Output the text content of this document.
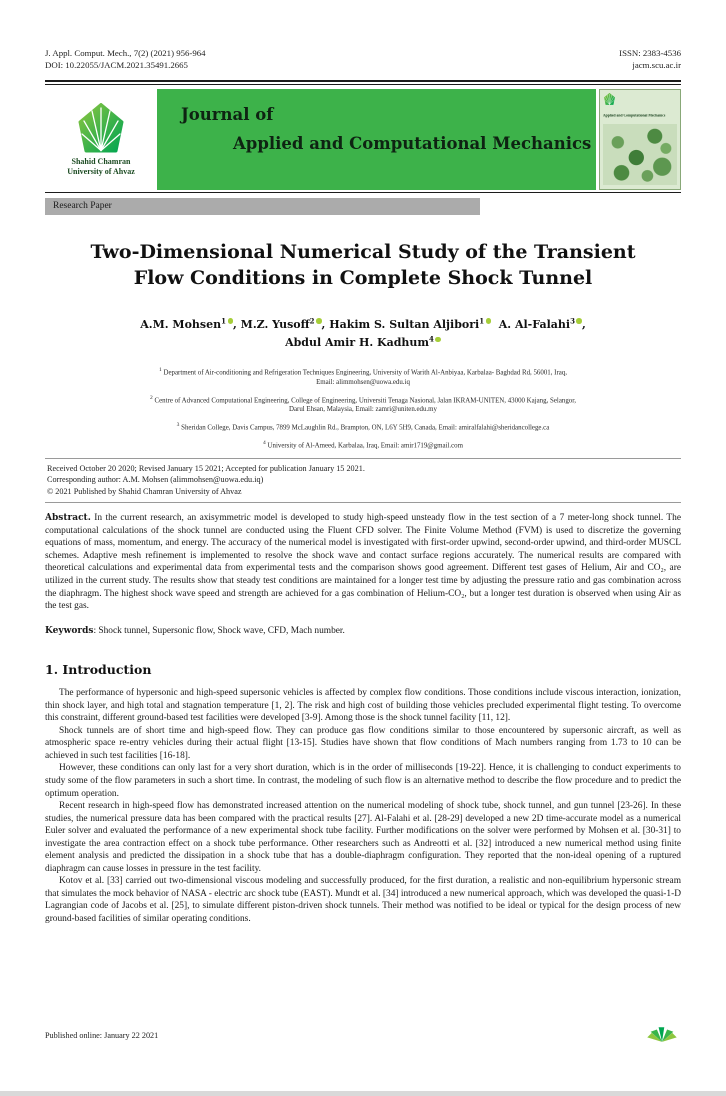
J. Appl. Comput. Mech., 7(2) (2021) 956-964
DOI: 10.22055/JACM.2021.35491.2665
ISSN: 2383-4536
jacm.scu.ac.ir
Shahid Chamran
University of Ahvaz
Journal of
Applied and Computational Mechanics
Applied and Computational Mechanics
Research Paper
Two-Dimensional Numerical Study of the Transient Flow Conditions in Complete Shock Tunnel
A.M. Mohsen$^1$ , M.Z. Yusoff$^2$ , Hakim S. Sultan Aljibori$^1$ A. Al-Falahi$^3$ ,
Abdul Amir H. Kadhum$^4$
$^1$ Department of Air-conditioning and Refrigeration Techniques Engineering, University of Warith Al-Anbiyaa, Karbalaa- Baghdad Rd, 56001, Iraq, Email: alimmohsen@uowa.edu.iq
$^2$ Centre of Advanced Computational Engineering, College of Engineering, Universiti Tenaga Nasional, Jalan IKRAM-UNITEN, 43000 Kajang, Selangor, Darul Ehsan, Malaysia, Email: zamri@uniten.edu.my
$^3$ Sheridan College, Davis Campus, 7899 McLaughlin Rd., Brampton, ON, L6Y 5H9, Canada, Email: amiralfalahi@sheridancollege.ca
$^4$ University of Al-Ameed, Karbalaa, Iraq, Email: amir1719@gmail.com
Received October 20 2020; Revised January 15 2021; Accepted for publication January 15 2021.
Corresponding author: A.M. Mohsen (alimmohsen@uowa.edu.iq)
© 2021 Published by Shahid Chamran University of Ahvaz

Abstract. In the current research, an axisymmetric model is developed to study high-speed unsteady flow in the test section of a 7 meter-long shock tunnel. The computational calculations of the shock tunnel are conducted using the Fluent CFD solver. The Finite Volume Method (FVM) is used to discretize the governing equations of mass, momentum, and energy. The accuracy of the numerical model is investigated with first-order upwind, second-order upwind, and third-order MUSCL schemes. Adaptive mesh refinement is implemented to resolve the shock wave and contact surface regions accurately. The numerical results are compared with theoretical calculations and experimental data from experimental tests and the comparison shows good agreement. Different test gases of Helium, Air and CO₂, are utilized in the current study. The results show that steady test conditions are maintained for a longer test time by adjusting the pressure ratio and gas combination across the diaphragm. The highest shock wave speed and strength are achieved for a gas combination of Helium-CO₂, but a longer test duration is observed when using Air as the test gas.

Keywords: Shock tunnel, Supersonic flow, Shock wave, CFD, Mach number.

1. Introduction

The performance of hypersonic and high-speed supersonic vehicles is affected by complex flow conditions. Those conditions include viscous interaction, ionization, thin shock layer, and high total and stagnation temperature [1, 2]. The risk and high cost of building those vehicles precluded experimental flight testing. To overcome this constraint, different ground-based test facilities were developed [3-9]. Among those is the shock tunnel facility [11, 12].

Shock tunnels are of short time and high-speed flow. They can produce gas flow conditions similar to those encountered by supersonic aircraft, as well as atmospheric space re-entry vehicles during their actual flight [13-15]. Studies have shown that flow conditions of Mach numbers ranging from 1.73 to 10 can be achieved in such test facilities [16-18].

However, these conditions can only last for a very short duration, which is in the order of milliseconds [19-22]. Hence, it is challenging to conduct experiments to study some of the flow parameters in such a short time. In contrast, the modeling of such flow is an alternative method to describe the flow procedure and to predict the optimum operation.

Recent research in high-speed flow has demonstrated increased attention on the numerical modeling of shock tube, shock tunnel, and gun tunnel [23-26]. In these studies, the numerical pressure data has been compared with the practical results [27]. Al-Falahi et al. [28-29] developed a new 2D time-accurate model as a numerical Euler solver and evaluated the performance of a new experimental shock tube facility. Further modifications on the solver were performed by Mohsen et al. [30-31] to investigate the area contraction effect on a shock tube performance. Other researchers such as Andreotti et al. [32] introduced a new numerical method using finite element analysis and predicted the dissipation in a shock tube that has a double-diaphragm configuration. They reported that the non-ideal opening of a ruptured diaphragm can cause losses in pressure in the test facility.

Kotov et al. [33] carried out two-dimensional viscous modeling and successfully produced, for the first duration, a realistic and non-equilibrium hypersonic stream that simulates the mock behavior of NASA - electric arc shock tube (EAST). Mundt et al. [34] introduced a new numerical approach, which was developed the quasi-1-D Lagrangian code of Jacobs et al. [25], to simulate different piston-driven shock tunnels. Their method was notified to be ideal or typical for the design process of new ground-based facilities of similar operating conditions.

Published online: January 22 2021
